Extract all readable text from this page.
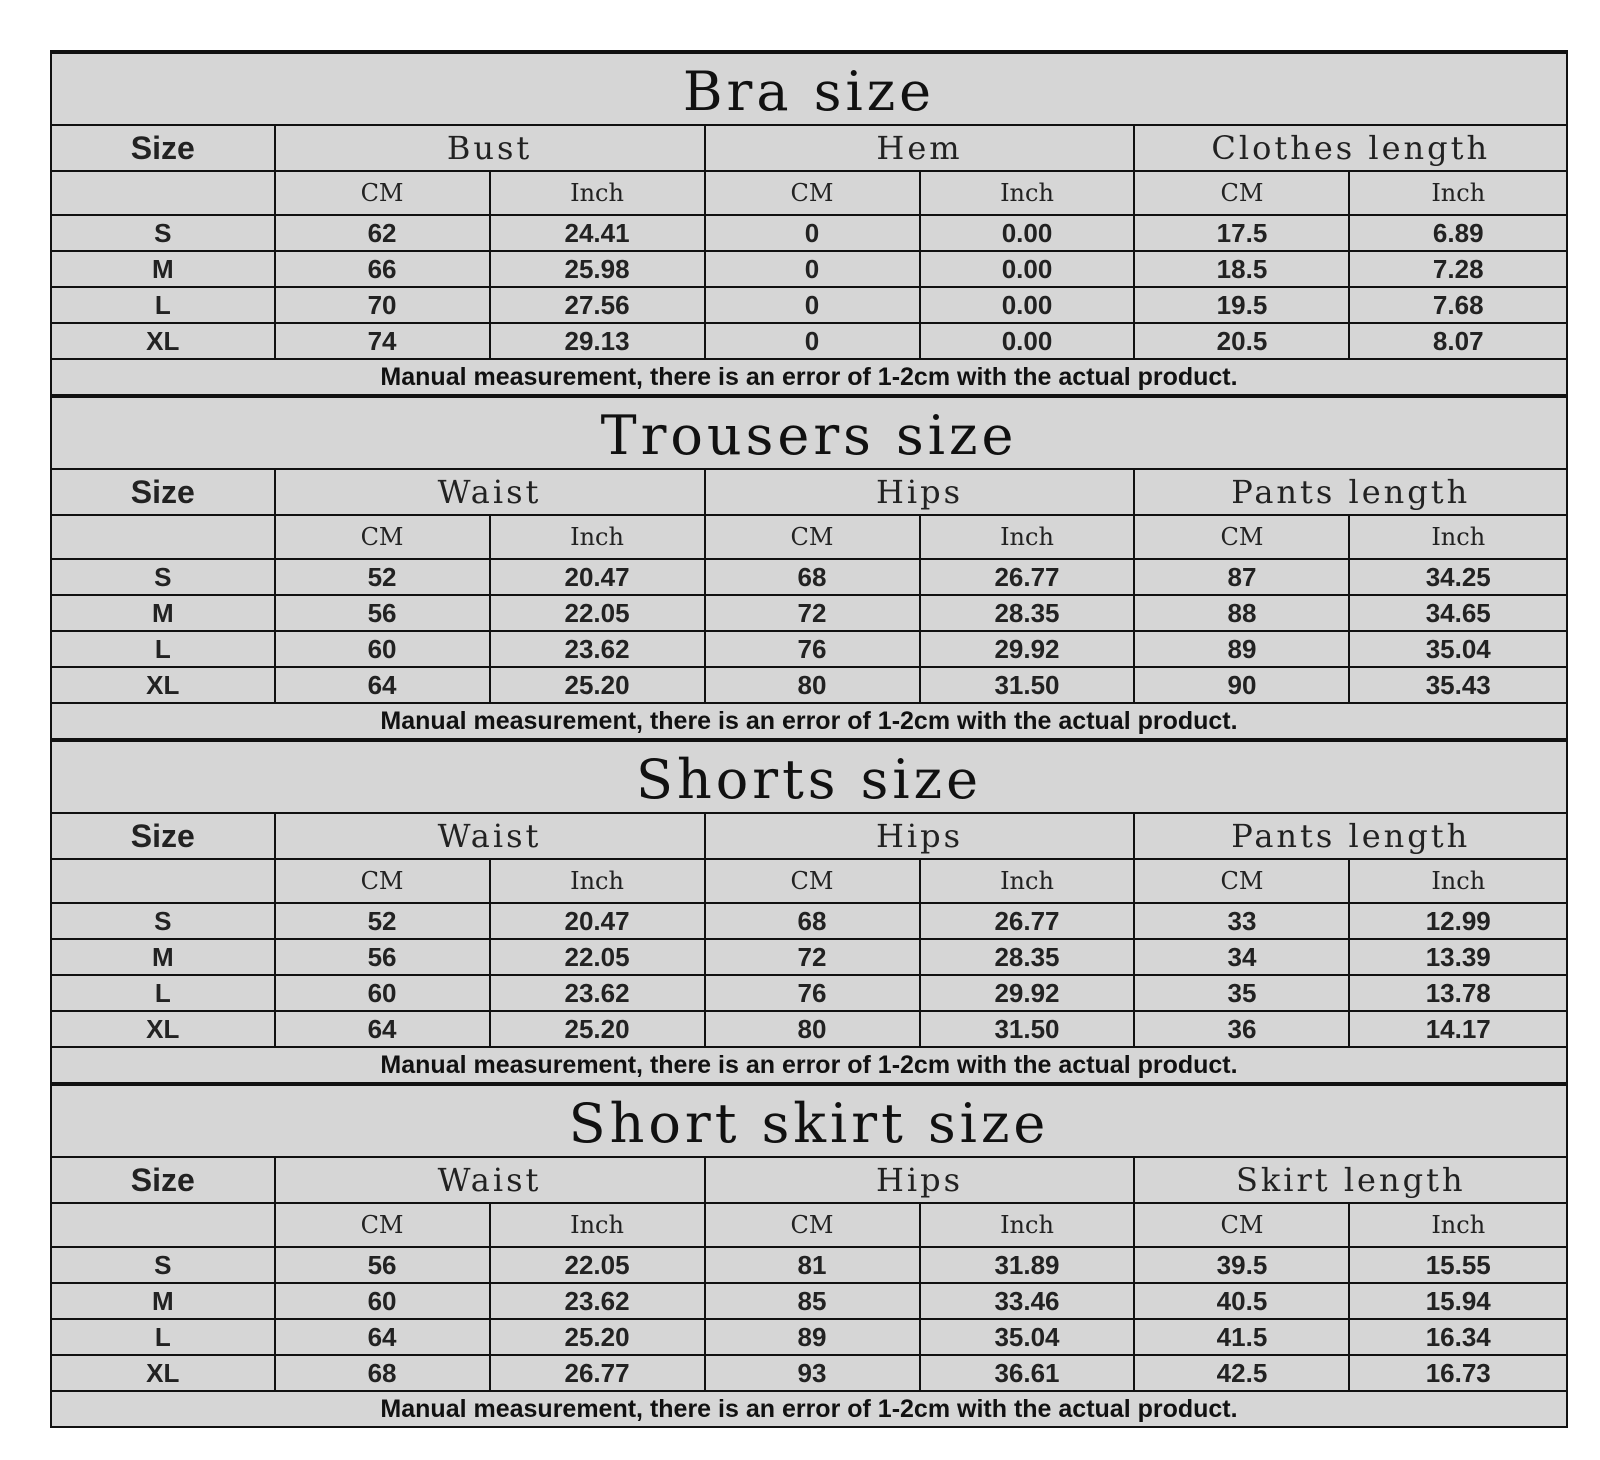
Bra size						
Size	Bust		Hem		Clothes length	
	CM	Inch	CM	Inch	CM	Inch
S	62	24.41	0	0.00	17.5	6.89
M	66	25.98	0	0.00	18.5	7.28
L	70	27.56	0	0.00	19.5	7.68
XL	74	29.13	0	0.00	20.5	8.07
Manual measurement, there is an error of 1-2cm with the actual product.						
Trousers size						
Size	Waist		Hips		Pants length	
	CM	Inch	CM	Inch	CM	Inch
S	52	20.47	68	26.77	87	34.25
M	56	22.05	72	28.35	88	34.65
L	60	23.62	76	29.92	89	35.04
XL	64	25.20	80	31.50	90	35.43
Manual measurement, there is an error of 1-2cm with the actual product.						
Shorts size						
Size	Waist		Hips		Pants length	
	CM	Inch	CM	Inch	CM	Inch
S	52	20.47	68	26.77	33	12.99
M	56	22.05	72	28.35	34	13.39
L	60	23.62	76	29.92	35	13.78
XL	64	25.20	80	31.50	36	14.17
Manual measurement, there is an error of 1-2cm with the actual product.						
Short skirt size						
Size	Waist		Hips		Skirt length	
	CM	Inch	CM	Inch	CM	Inch
S	56	22.05	81	31.89	39.5	15.55
M	60	23.62	85	33.46	40.5	15.94
L	64	25.20	89	35.04	41.5	16.34
XL	68	26.77	93	36.61	42.5	16.73
Manual measurement, there is an error of 1-2cm with the actual product.						
